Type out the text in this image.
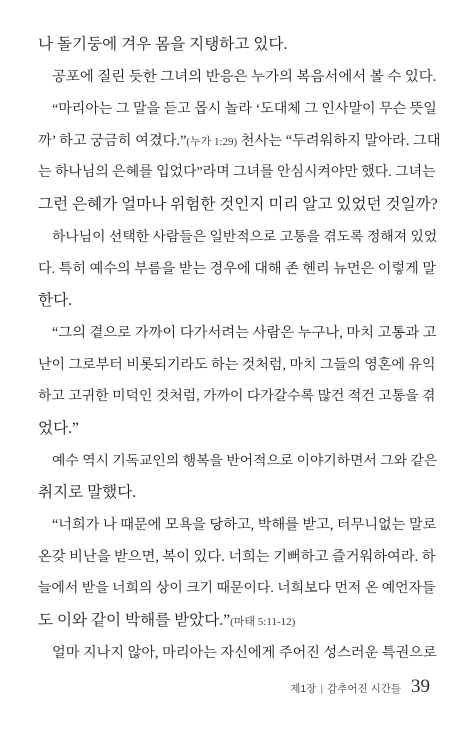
나 돌기둥에 겨우 몸을 지탱하고 있다.
공포에 질린 듯한 그녀의 반응은 누가의 복음서에서 볼 수 있다.
“마리아는 그 말을 듣고 몹시 놀라 ‘도대체 그 인사말이 무슨 뜻일
까’ 하고 궁금히 여겼다.”(누가 1:29) 천사는 “두려워하지 말아라. 그대
는 하나님의 은혜를 입었다”라며 그녀를 안심시켜야만 했다. 그녀는
그런 은혜가 얼마나 위험한 것인지 미리 알고 있었던 것일까?
하나님이 선택한 사람들은 일반적으로 고통을 겪도록 정해져 있었
다. 특히 예수의 부름을 받는 경우에 대해 존 헨리 뉴먼은 이렇게 말
한다.
“그의 곁으로 가까이 다가서려는 사람은 누구나, 마치 고통과 고
난이 그로부터 비롯되기라도 하는 것처럼, 마치 그들의 영혼에 유익
하고 고귀한 미덕인 것처럼, 가까이 다가갈수록 많건 적건 고통을 겪
었다.”
예수 역시 기독교인의 행복을 반어적으로 이야기하면서 그와 같은
취지로 말했다.
“너희가 나 때문에 모욕을 당하고, 박해를 받고, 터무니없는 말로
온갖 비난을 받으면, 복이 있다. 너희는 기뻐하고 즐거워하여라. 하
늘에서 받을 너희의 상이 크기 때문이다. 너희보다 먼저 온 예언자들
도 이와 같이 박해를 받았다.”(마태 5:11-12)
얼마 지나지 않아, 마리아는 자신에게 주어진 성스러운 특권으로
제1장 | 감추어진 시간들 39
